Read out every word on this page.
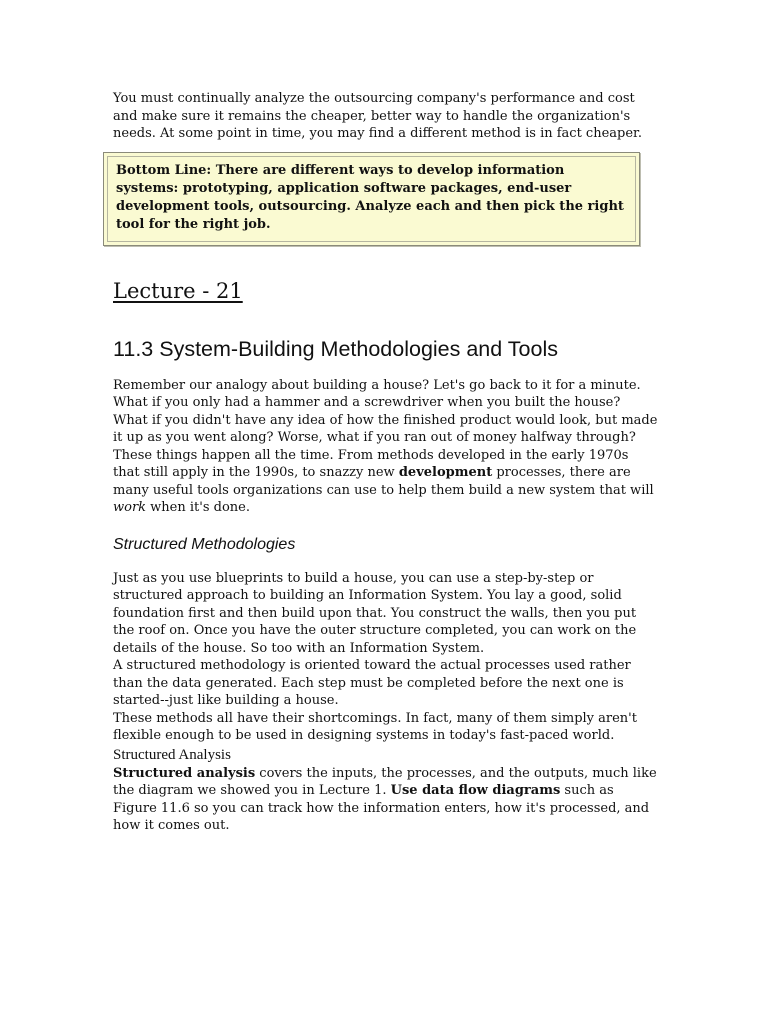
You must continually analyze the outsourcing company's performance and cost and make sure it remains the cheaper, better way to handle the organization's needs. At some point in time, you may find a different method is in fact cheaper.

Bottom Line: There are different ways to develop information systems: prototyping, application software packages, end-user development tools, outsourcing. Analyze each and then pick the right tool for the right job.
Lecture - 21
11.3 System-Building Methodologies and Tools

Remember our analogy about building a house? Let's go back to it for a minute. What if you only had a hammer and a screwdriver when you built the house? What if you didn't have any idea of how the finished product would look, but made it up as you went along? Worse, what if you ran out of money halfway through? These things happen all the time. From methods developed in the early 1970s that still apply in the 1990s, to snazzy new development processes, there are many useful tools organizations can use to help them build a new system that will work when it's done.

Structured Methodologies

Just as you use blueprints to build a house, you can use a step-by-step or structured approach to building an Information System. You lay a good, solid foundation first and then build upon that. You construct the walls, then you put the roof on. Once you have the outer structure completed, you can work on the details of the house. So too with an Information System.

A structured methodology is oriented toward the actual processes used rather than the data generated. Each step must be completed before the next one is started--just like building a house.

These methods all have their shortcomings. In fact, many of them simply aren't flexible enough to be used in designing systems in today's fast-paced world.

Structured Analysis

Structured analysis covers the inputs, the processes, and the outputs, much like the diagram we showed you in Lecture 1. Use data flow diagrams such as Figure 11.6 so you can track how the information enters, how it's processed, and how it comes out.
